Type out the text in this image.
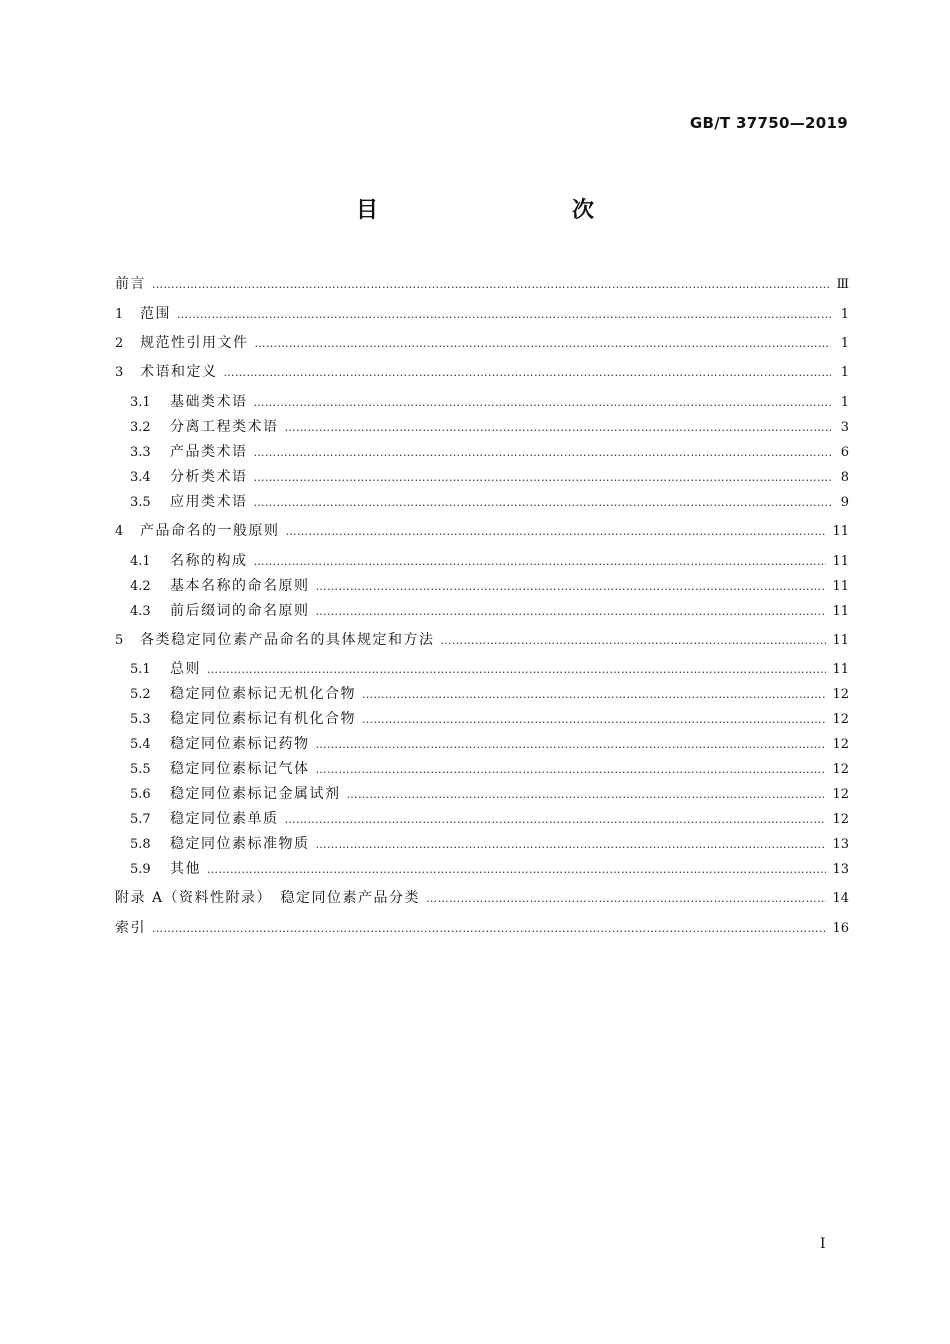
GB/T 37750—2019
目　　次
前言 ……………………………………………………………………………………………………………………………………………………………………………………………………………………	Ⅲ
1	范围 ……………………………………………………………………………………………………………………………………………………………………………………………………………………	1
2	规范性引用文件 ……………………………………………………………………………………………………………………………………………………………………………………………………………………	1
3	术语和定义 ……………………………………………………………………………………………………………………………………………………………………………………………………………………	1
3.1	基础类术语 ……………………………………………………………………………………………………………………………………………………………………………………………………………………	1
3.2	分离工程类术语 ……………………………………………………………………………………………………………………………………………………………………………………………………………………	3
3.3	产品类术语 ……………………………………………………………………………………………………………………………………………………………………………………………………………………	6
3.4	分析类术语 ……………………………………………………………………………………………………………………………………………………………………………………………………………………	8
3.5	应用类术语 ……………………………………………………………………………………………………………………………………………………………………………………………………………………	9
4	产品命名的一般原则 ……………………………………………………………………………………………………………………………………………………………………………………………………………………	11
4.1	名称的构成 ……………………………………………………………………………………………………………………………………………………………………………………………………………………	11
4.2	基本名称的命名原则 ……………………………………………………………………………………………………………………………………………………………………………………………………………………	11
4.3	前后缀词的命名原则 ……………………………………………………………………………………………………………………………………………………………………………………………………………………	11
5	各类稳定同位素产品命名的具体规定和方法 ……………………………………………………………………………………………………………………………………………………………………………………………………………………	11
5.1	总则 ……………………………………………………………………………………………………………………………………………………………………………………………………………………	11
5.2	稳定同位素标记无机化合物 ……………………………………………………………………………………………………………………………………………………………………………………………………………………	12
5.3	稳定同位素标记有机化合物 ……………………………………………………………………………………………………………………………………………………………………………………………………………………	12
5.4	稳定同位素标记药物 ……………………………………………………………………………………………………………………………………………………………………………………………………………………	12
5.5	稳定同位素标记气体 ……………………………………………………………………………………………………………………………………………………………………………………………………………………	12
5.6	稳定同位素标记金属试剂 ……………………………………………………………………………………………………………………………………………………………………………………………………………………	12
5.7	稳定同位素单质 ……………………………………………………………………………………………………………………………………………………………………………………………………………………	12
5.8	稳定同位素标准物质 ……………………………………………………………………………………………………………………………………………………………………………………………………………………	13
5.9	其他 ……………………………………………………………………………………………………………………………………………………………………………………………………………………	13
附录 A（资料性附录）　稳定同位素产品分类 ……………………………………………………………………………………………………………………………………………………………………………………………………………………	14
索引 ……………………………………………………………………………………………………………………………………………………………………………………………………………………	16
Ⅰ
